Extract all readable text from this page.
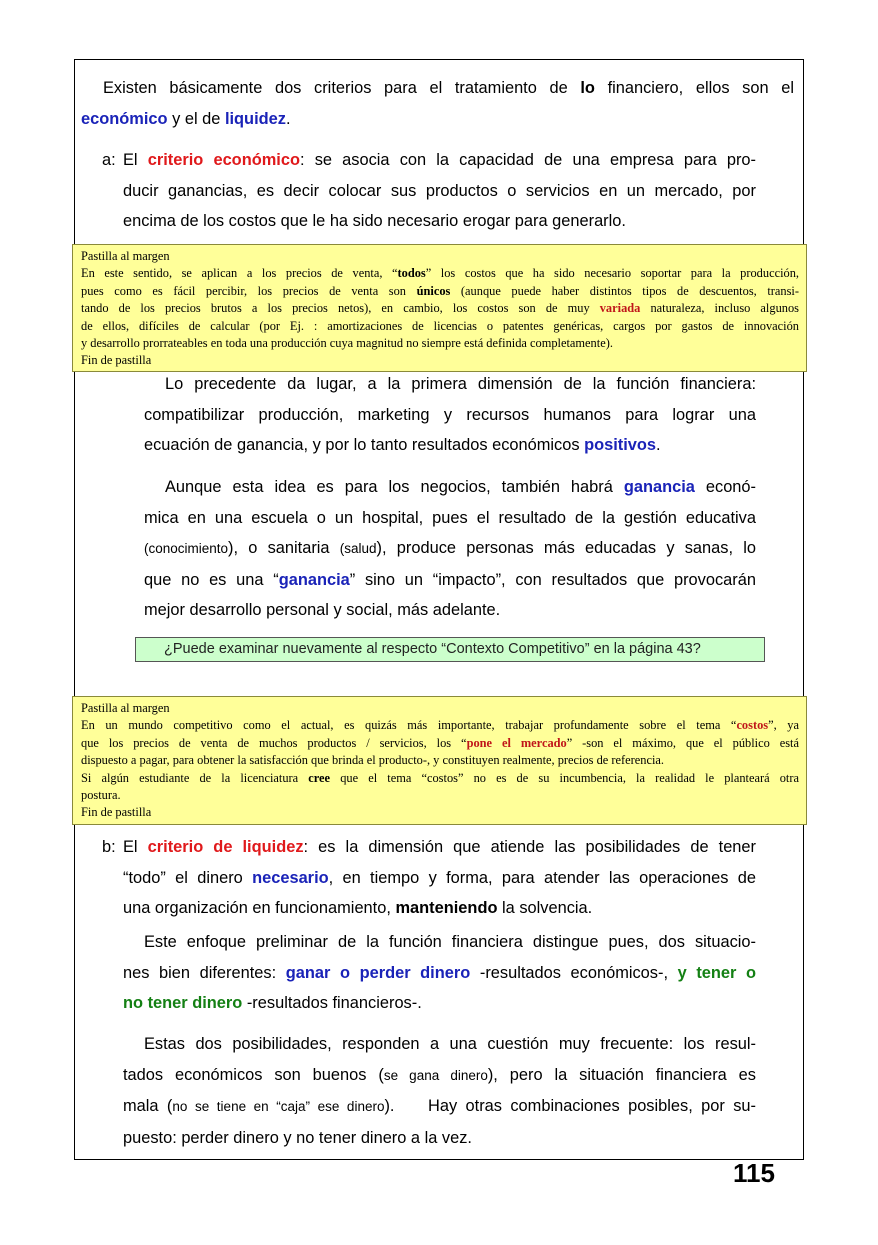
Existen básicamente dos criterios para el tratamiento de lo financiero, ellos son el
económico y el de liquidez.
a: El criterio económico: se asocia con la capacidad de una empresa para pro-
ducir ganancias, es decir colocar sus productos o servicios en un mercado, por
encima de los costos que le ha sido necesario erogar para generarlo.
Pastilla al margen
En este sentido, se aplican a los precios de venta, “todos” los costos que ha sido necesario soportar para la producción,
pues como es fácil percibir, los precios de venta son únicos (aunque puede haber distintos tipos de descuentos, transi-
tando de los precios brutos a los precios netos), en cambio, los costos son de muy variada naturaleza, incluso algunos
de ellos, difíciles de calcular (por Ej. : amortizaciones de licencias o patentes genéricas, cargos por gastos de innovación
y desarrollo prorrateables en toda una producción cuya magnitud no siempre está definida completamente).
Fin de pastilla
Lo precedente da lugar, a la primera dimensión de la función financiera:
compatibilizar producción, marketing y recursos humanos para lograr una
ecuación de ganancia, y por lo tanto resultados económicos positivos.
Aunque esta idea es para los negocios, también habrá ganancia econó-
mica en una escuela o un hospital, pues el resultado de la gestión educativa
(conocimiento), o sanitaria (salud), produce personas más educadas y sanas, lo
que no es una “ganancia” sino un “impacto”, con resultados que provocarán
mejor desarrollo personal y social, más adelante.
¿Puede examinar nuevamente al respecto “Contexto Competitivo” en la página 43?
Pastilla al margen
En un mundo competitivo como el actual, es quizás más importante, trabajar profundamente sobre el tema “costos”, ya
que los precios de venta de muchos productos / servicios, los “pone el mercado” -son el máximo, que el público está
dispuesto a pagar, para obtener la satisfacción que brinda el producto-, y constituyen realmente, precios de referencia.
Si algún estudiante de la licenciatura cree que el tema “costos” no es de su incumbencia, la realidad le planteará otra
postura.
Fin de pastilla
b: El criterio de liquidez: es la dimensión que atiende las posibilidades de tener
“todo” el dinero necesario, en tiempo y forma, para atender las operaciones de
una organización en funcionamiento, manteniendo la solvencia.
Este enfoque preliminar de la función financiera distingue pues, dos situacio-
nes bien diferentes: ganar o perder dinero -resultados económicos-, y tener o
no tener dinero -resultados financieros-.
Estas dos posibilidades, responden a una cuestión muy frecuente: los resul-
tados económicos son buenos (se gana dinero), pero la situación financiera es
mala (no se tiene en “caja” ese dinero).    Hay otras combinaciones posibles, por su-
puesto: perder dinero y no tener dinero a la vez.
115
